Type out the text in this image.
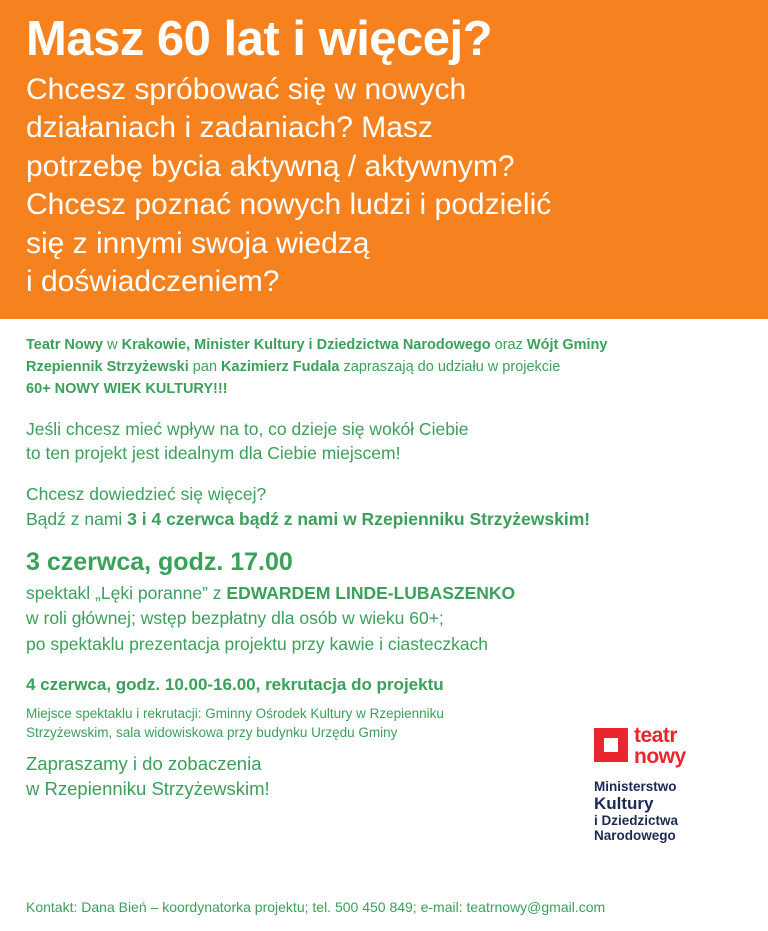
Masz 60 lat i więcej?
Chcesz spróbować się w nowych
działaniach i zadaniach? Masz
potrzebę bycia aktywną / aktywnym?
Chcesz poznać nowych ludzi i podzielić
się z innymi swoja wiedzą
i doświadczeniem?
Teatr Nowy w Krakowie, Minister Kultury i Dziedzictwa Narodowego oraz Wójt Gminy
Rzepiennik Strzyżewski pan Kazimierz Fudala zapraszają do udziału w projekcie
60+ NOWY WIEK KULTURY!!!
Jeśli chcesz mieć wpływ na to, co dzieje się wokół Ciebie
to ten projekt jest idealnym dla Ciebie miejscem!
Chcesz dowiedzieć się więcej?
Bądź z nami 3 i 4 czerwca bądź z nami w Rzepienniku Strzyżewskim!
3 czerwca, godz. 17.00
spektakl „Lęki poranne” z EDWARDEM LINDE-LUBASZENKO
w roli głównej; wstęp bezpłatny dla osób w wieku 60+;
po spektaklu prezentacja projektu przy kawie i ciasteczkach
4 czerwca, godz. 10.00-16.00, rekrutacja do projektu
Miejsce spektaklu i rekrutacji: Gminny Ośrodek Kultury w Rzepienniku
Strzyżewskim, sala widowiskowa przy budynku Urzędu Gminy
Zapraszamy i do zobaczenia
w Rzepienniku Strzyżewskim!
teatr
nowy
Ministerstwo
Kultury
i Dziedzictwa
Narodowego
Kontakt: Dana Bień – koordynatorka projektu; tel. 500 450 849; e-mail: teatrnowy@gmail.com
